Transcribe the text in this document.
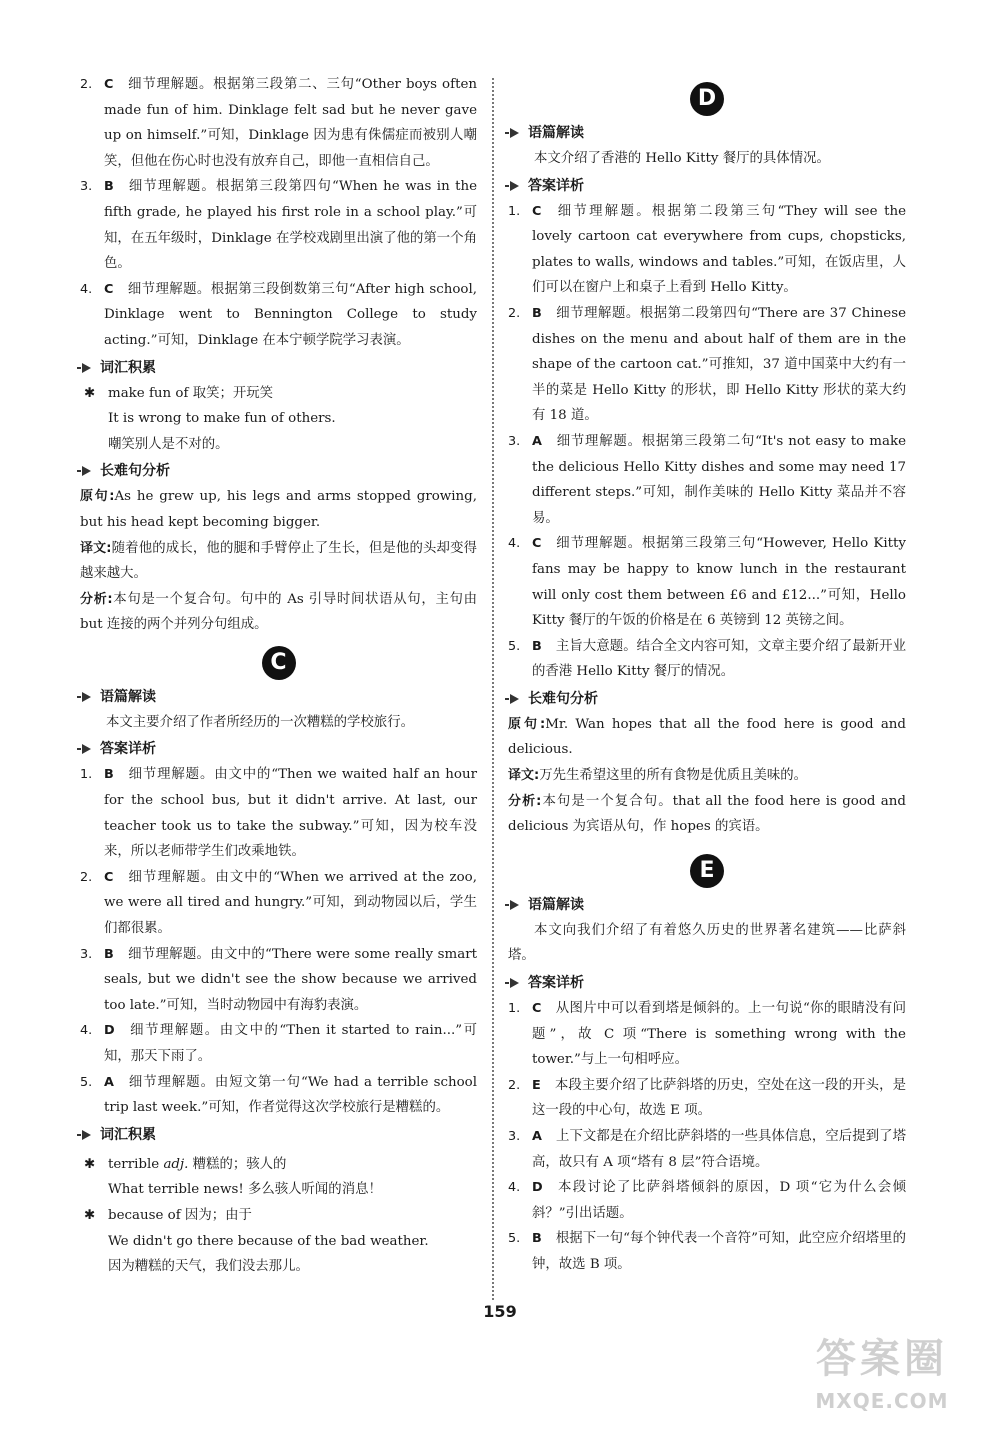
2. C 细节理解题。根据第三段第二、三句“Other boys often made fun of him. Dinklage felt sad but he never gave up on himself.”可知，Dinklage 因为患有侏儒症而被别人嘲笑，但他在伤心时也没有放弃自己，即他一直相信自己。
3. B 细节理解题。根据第三段第四句“When he was in the fifth grade, he played his first role in a school play.”可知，在五年级时，Dinklage 在学校戏剧里出演了他的第一个角色。
4. C 细节理解题。根据第三段倒数第三句“After high school, Dinklage went to Bennington College to study acting.”可知，Dinklage 在本宁顿学院学习表演。
词汇积累
✱ make fun of 取笑；开玩笑
It is wrong to make fun of others.
嘲笑别人是不对的。
长难句分析
原句:As he grew up, his legs and arms stopped growing, but his head kept becoming bigger.
译文:随着他的成长，他的腿和手臂停止了生长，但是他的头却变得越来越大。
分析:本句是一个复合句。句中的 As 引导时间状语从句，主句由 but 连接的两个并列分句组成。
C
语篇解读
本文主要介绍了作者所经历的一次糟糕的学校旅行。
答案详析
1. B 细节理解题。由文中的“Then we waited half an hour for the school bus, but it didn't arrive. At last, our teacher took us to take the subway.”可知，因为校车没来，所以老师带学生们改乘地铁。
2. C 细节理解题。由文中的“When we arrived at the zoo, we were all tired and hungry.”可知，到动物园以后，学生们都很累。
3. B 细节理解题。由文中的“There were some really smart seals, but we didn't see the show because we arrived too late.”可知，当时动物园中有海豹表演。
4. D 细节理解题。由文中的“Then it started to rain...”可知，那天下雨了。
5. A 细节理解题。由短文第一句“We had a terrible school trip last week.”可知，作者觉得这次学校旅行是糟糕的。
词汇积累
✱ terrible adj. 糟糕的；骇人的
What terrible news! 多么骇人听闻的消息！
✱ because of 因为；由于
We didn't go there because of the bad weather.
因为糟糕的天气，我们没去那儿。
D
语篇解读
本文介绍了香港的 Hello Kitty 餐厅的具体情况。
答案详析
1. C 细节理解题。根据第二段第三句“They will see the lovely cartoon cat everywhere from cups, chopsticks, plates to walls, windows and tables.”可知，在饭店里，人们可以在窗户上和桌子上看到 Hello Kitty。
2. B 细节理解题。根据第二段第四句“There are 37 Chinese dishes on the menu and about half of them are in the shape of the cartoon cat.”可推知，37 道中国菜中大约有一半的菜是 Hello Kitty 的形状，即 Hello Kitty 形状的菜大约有 18 道。
3. A 细节理解题。根据第三段第二句“It's not easy to make the delicious Hello Kitty dishes and some may need 17 different steps.”可知，制作美味的 Hello Kitty 菜品并不容易。
4. C 细节理解题。根据第三段第三句“However, Hello Kitty fans may be happy to know lunch in the restaurant will only cost them between £6 and £12...”可知，Hello Kitty 餐厅的午饭的价格是在 6 英镑到 12 英镑之间。
5. B 主旨大意题。结合全文内容可知，文章主要介绍了最新开业的香港 Hello Kitty 餐厅的情况。
长难句分析
原句:Mr. Wan hopes that all the food here is good and delicious.
译文:万先生希望这里的所有食物是优质且美味的。
分析:本句是一个复合句。that all the food here is good and delicious 为宾语从句，作 hopes 的宾语。
E
语篇解读
本文向我们介绍了有着悠久历史的世界著名建筑——比萨斜塔。
答案详析
1. C 从图片中可以看到塔是倾斜的。上一句说“你的眼睛没有问题”，故 C 项“There is something wrong with the tower.”与上一句相呼应。
2. E 本段主要介绍了比萨斜塔的历史，空处在这一段的开头，是这一段的中心句，故选 E 项。
3. A 上下文都是在介绍比萨斜塔的一些具体信息，空后提到了塔高，故只有 A 项“塔有 8 层”符合语境。
4. D 本段讨论了比萨斜塔倾斜的原因，D 项“它为什么会倾斜？”引出话题。
5. B 根据下一句“每个钟代表一个音符”可知，此空应介绍塔里的钟，故选 B 项。
159
答案圈
MXQE.COM
